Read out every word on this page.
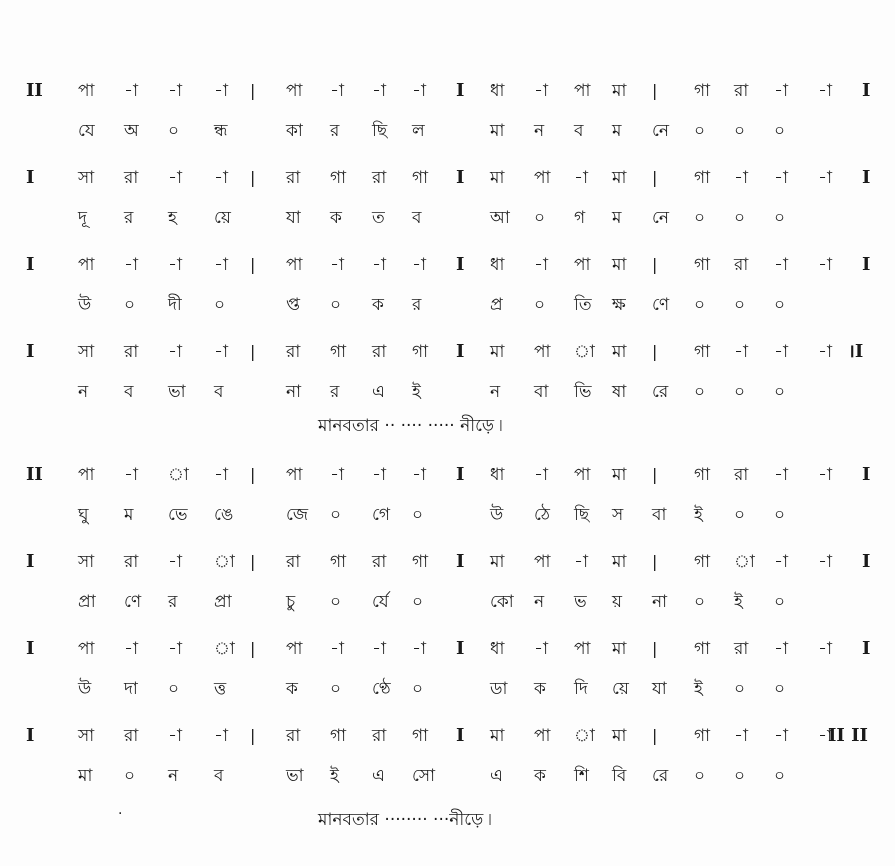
II পা -া -া -া | পা -া -া -া I ধা -া পা মা | গা রা -া -া I
যে অ ০ ন্ধ	কা র ছি ল	মা ন ব ম নে ০ ০ ০
I	সা রা -া -া | রা গা রা গা I মা পা -া মা | গা -া -া -া I
দূ র হ য়ে	যা ক ত ব	আ ০ গ ম নে ০ ০ ০
I	পা -া -া -া | পা -া -া -া I ধা -া পা মা | গা রা -া -া I
উ ০ দী ০	প্ত ০ ক র	প্র ০ তি ক্ষ ণে ০ ০ ০
I	সা রা -া -া | রা গা রা গা I মা পা া মা | গা -া -া -া ।I
ন ব ভা ব	না র এ ই	ন বা ভি ষা রে ০ ০ ০
মানবতার ·· ···· ····· নীড়ে ৷
II পা -া া -া | পা -া -া -া I ধা -া পা মা | গা রা -া -া I
ঘু ম ভে ঙে	জে ০ গে ০	উ ঠে ছি স বা ই ০ ০
I	সা রা -া া | রা গা রা গা I মা পা -া মা | গা া -া -া I
প্রা ণে র প্রা	চু ০ র্যে ০	কো ন ভ য় না ০ ই ০
I	পা -া -া া | পা -া -া -া I ধা -া পা মা | গা রা -া -া I
উ দা ০ ত্ত	ক ০ ণ্ঠে ০	ডা ক দি য়ে যা ই ০ ০
I	সা রা -া -া | রা গা রা গা I মা পা া মা | গা -া -া -া
II II
মা ০ ন ব	ভা ই এ সো	এ ক শি বি রে ০ ০ ০
মানবতার ········ ···নীড়ে ৷
·
